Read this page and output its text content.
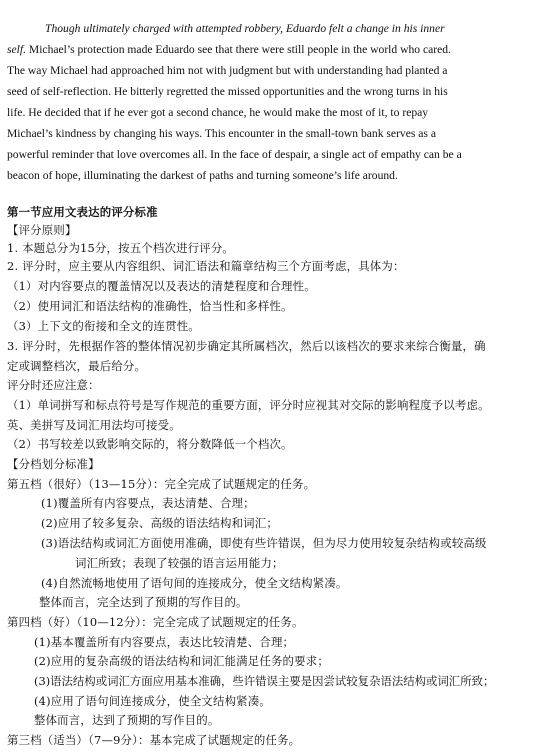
Though ultimately charged with attempted robbery, Eduardo felt a change in his inner
self. Michael’s protection made Eduardo see that there were still people in the world who cared.
The way Michael had approached him not with judgment but with understanding had planted a
seed of self-reflection. He bitterly regretted the missed opportunities and the wrong turns in his
life. He decided that if he ever got a second chance, he would make the most of it, to repay
Michael’s kindness by changing his ways. This encounter in the small-town bank serves as a
powerful reminder that love overcomes all. In the face of despair, a single act of empathy can be a
beacon of hope, illuminating the darkest of paths and turning someone’s life around.
第一节应用文表达的评分标准
【评分原则】
1. 本题总分为15分，按五个档次进行评分。
2. 评分时，应主要从内容组织、词汇语法和篇章结构三个方面考虑，具体为：
（1）对内容要点的覆盖情况以及表达的清楚程度和合理性。
（2）使用词汇和语法结构的准确性，恰当性和多样性。
（3）上下文的衔接和全文的连贯性。
3. 评分时，先根据作答的整体情况初步确定其所属档次，然后以该档次的要求来综合衡量，确
定或调整档次，最后给分。
评分时还应注意：
（1）单词拼写和标点符号是写作规范的重要方面，评分时应视其对交际的影响程度予以考虑。
英、美拼写及词汇用法均可接受。
（2）书写较差以致影响交际的，将分数降低一个档次。
【分档划分标准】
第五档（很好）（13—15分）：完全完成了试题规定的任务。
(1)覆盖所有内容要点，表达清楚、合理；
(2)应用了较多复杂、高级的语法结构和词汇；
(3)语法结构或词汇方面使用准确，即使有些许错误，但为尽力使用较复杂结构或较高级
词汇所致；表现了较强的语言运用能力；
(4)自然流畅地使用了语句间的连接成分，使全文结构紧凑。
整体而言，完全达到了预期的写作目的。
第四档（好）（10—12分）：完全完成了试题规定的任务。
(1)基本覆盖所有内容要点，表达比较清楚、合理；
(2)应用的复杂高级的语法结构和词汇能满足任务的要求；
(3)语法结构或词汇方面应用基本准确，些许错误主要是因尝试较复杂语法结构或词汇所致；
(4)应用了语句间连接成分，使全文结构紧凑。
整体而言，达到了预期的写作目的。
第三档（适当）（7—9分）：基本完成了试题规定的任务。
